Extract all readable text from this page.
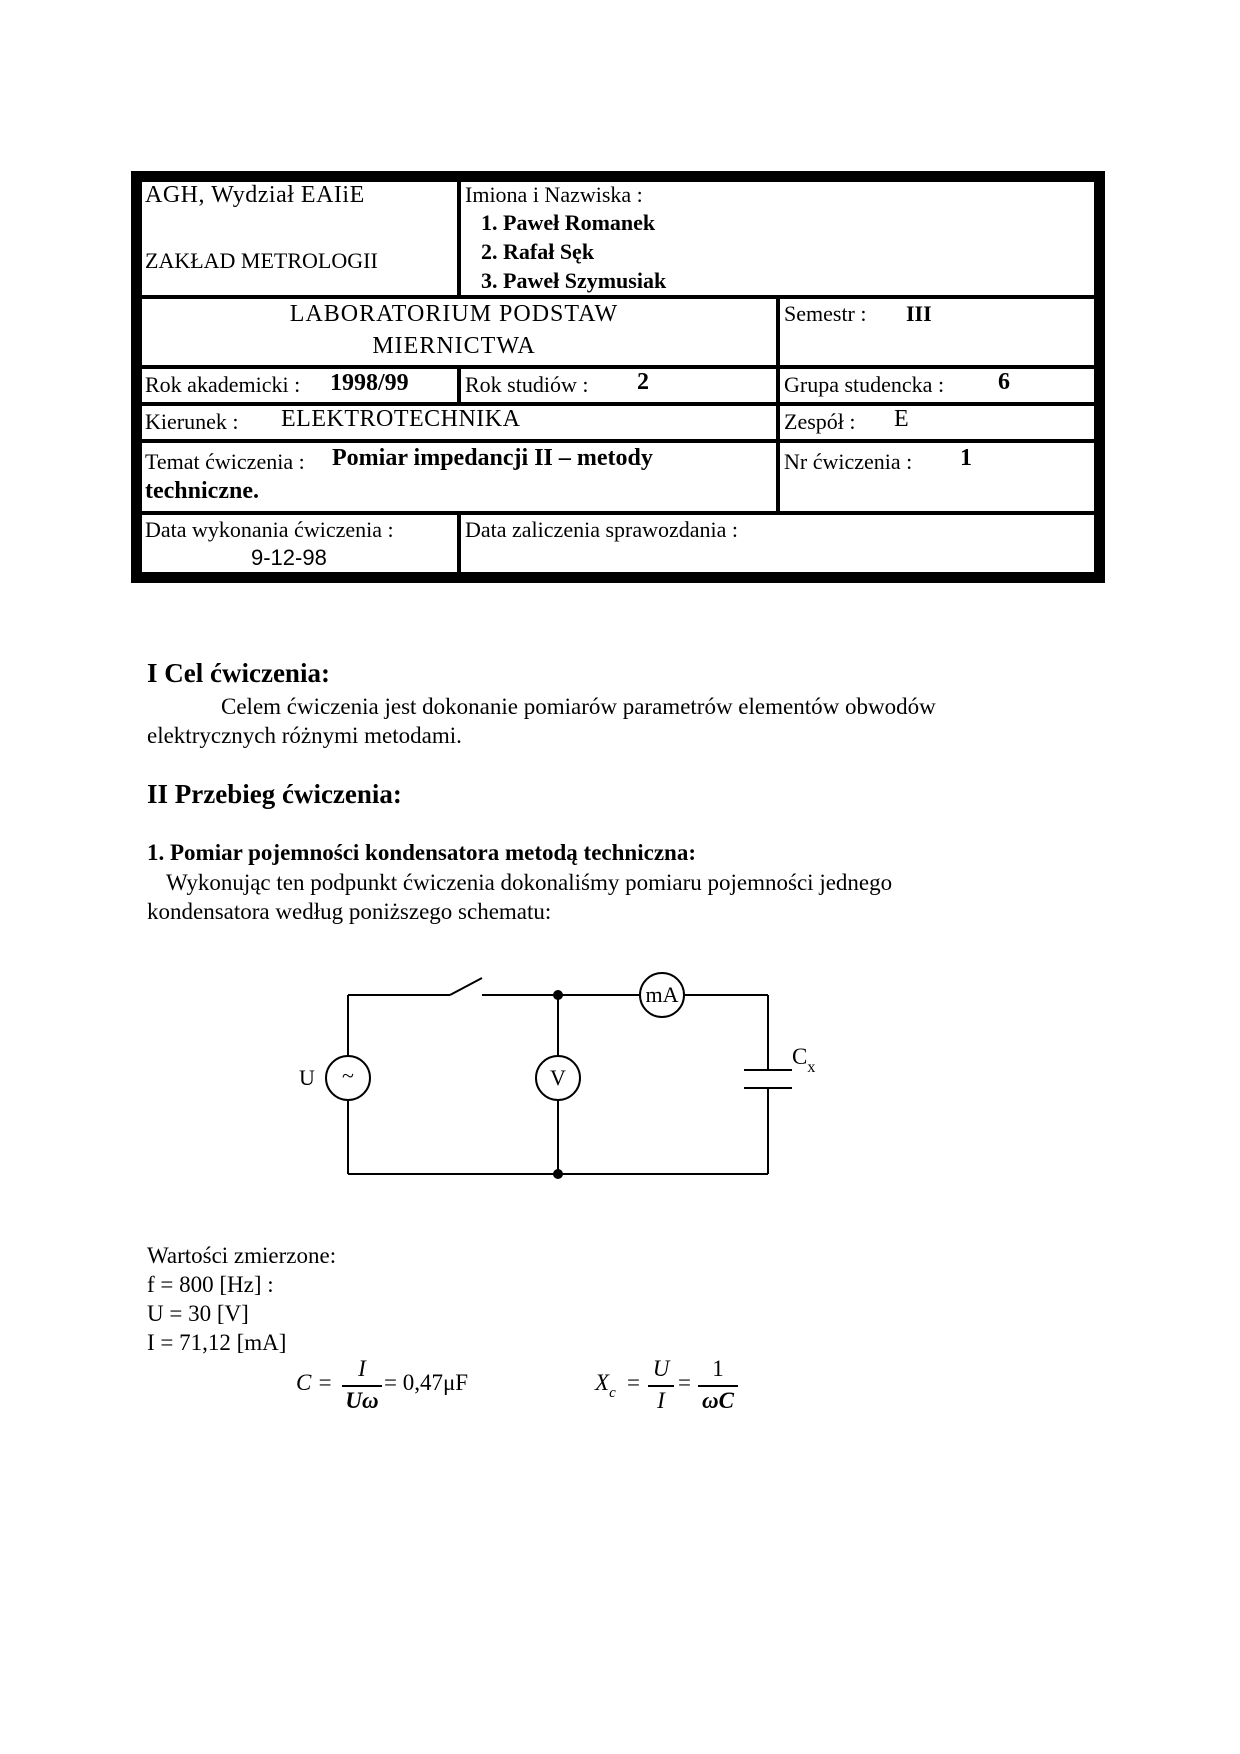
AGH, Wydział EAIiE
ZAKŁAD METROLOGII
Imiona i Nazwiska :
1. Paweł Romanek
2. Rafał Sęk
3. Paweł Szymusiak
LABORATORIUM PODSTAW
MIERNICTWA
Semestr : III
Rok akademicki : 1998/99	Rok studiów : 2	Grupa studencka : 6
Kierunek : ELEKTROTECHNIKA	Zespół : E
Temat ćwiczenia : Pomiar impedancji II – metody
techniczne.
Nr ćwiczenia : 1
Data wykonania ćwiczenia :
9-12-98
Data zaliczenia sprawozdania :
I Cel ćwiczenia:
Celem ćwiczenia jest dokonanie pomiarów parametrów elementów obwodów
elektrycznych różnymi metodami.
II Przebieg ćwiczenia:
1. Pomiar pojemności kondensatora metodą techniczna:
Wykonując ten podpunkt ćwiczenia dokonaliśmy pomiaru pojemności jednego
kondensatora według poniższego schematu:
U ~	V
mA
$C_x$
Wartości zmierzone:
f = 800 [Hz] :
U = 30 [V]
I = 71,12 [mA]
C =
I
Uω
= 0,47μF	$X_c$ =
U
I
=
1
ωC
